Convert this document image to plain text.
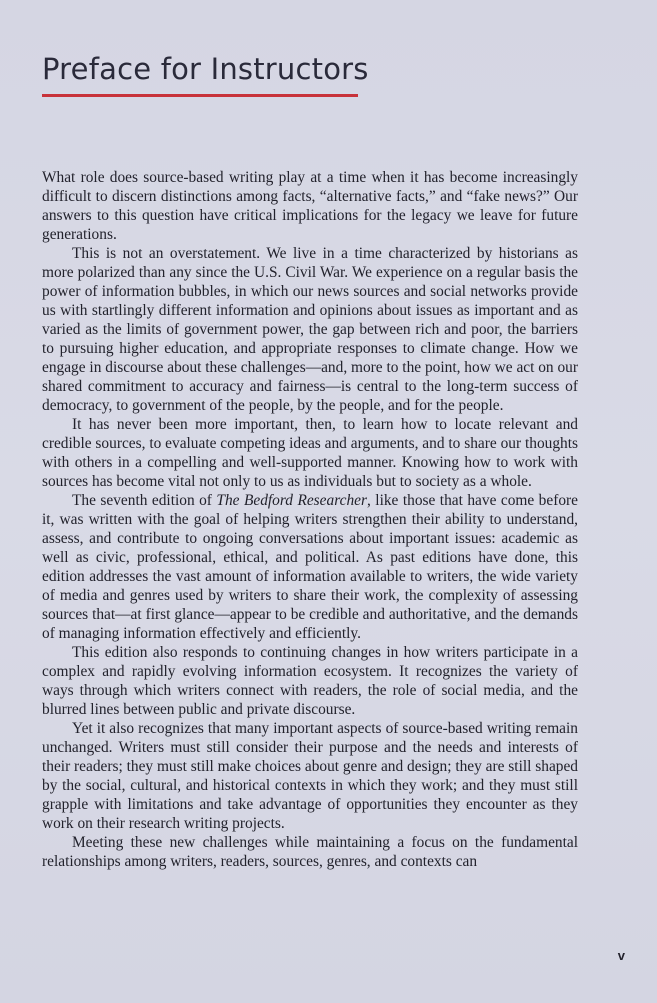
Preface for Instructors

What role does source-based writing play at a time when it has become increasingly difficult to discern distinctions among facts, “alternative facts,” and “fake news?” Our answers to this question have critical implications for the legacy we leave for future generations.

This is not an overstatement. We live in a time characterized by historians as more polarized than any since the U.S. Civil War. We experience on a regular basis the power of information bubbles, in which our news sources and social networks provide us with startlingly different information and opinions about issues as important and as varied as the limits of government power, the gap between rich and poor, the barriers to pursuing higher education, and appropriate responses to climate change. How we engage in discourse about these challenges—and, more to the point, how we act on our shared commitment to accuracy and fairness—is central to the long-term success of democracy, to government of the people, by the people, and for the people.

It has never been more important, then, to learn how to locate relevant and credible sources, to evaluate competing ideas and arguments, and to share our thoughts with others in a compelling and well-supported manner. Knowing how to work with sources has become vital not only to us as individuals but to society as a whole.

The seventh edition of The Bedford Researcher, like those that have come before it, was written with the goal of helping writers strengthen their ability to understand, assess, and contribute to ongoing conversations about important issues: academic as well as civic, professional, ethical, and political. As past editions have done, this edition addresses the vast amount of information available to writers, the wide variety of media and genres used by writers to share their work, the complexity of assessing sources that—at first glance—appear to be credible and authoritative, and the demands of managing information effectively and efficiently.

This edition also responds to continuing changes in how writers participate in a complex and rapidly evolving information ecosystem. It recognizes the variety of ways through which writers connect with readers, the role of social media, and the blurred lines between public and private discourse.

Yet it also recognizes that many important aspects of source-based writing remain unchanged. Writers must still consider their purpose and the needs and interests of their readers; they must still make choices about genre and design; they are still shaped by the social, cultural, and historical contexts in which they work; and they must still grapple with limitations and take advantage of opportunities they encounter as they work on their research writing projects.

Meeting these new challenges while maintaining a focus on the fundamental relationships among writers, readers, sources, genres, and contexts can

v
